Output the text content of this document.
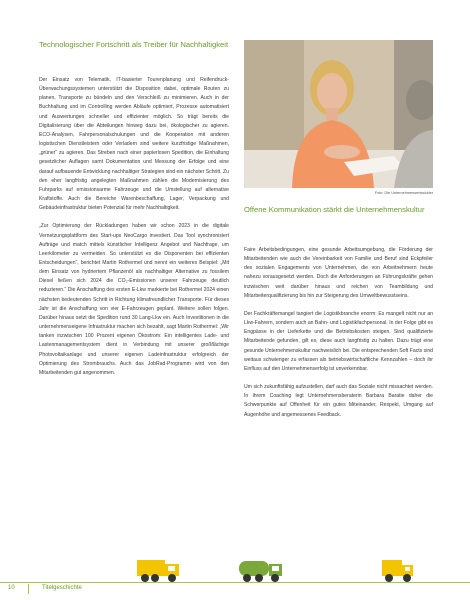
Technologischer Fortschritt als Treiber für Nachhaltigkeit

Der Einsatz von Telematik, IT-basierter Tourenplanung und Reifendruck-Überwachungssystemen unterstützt die Disposition dabei, optimale Routen zu planen, Transporte zu bündeln und den Verschleiß zu minimieren. Auch in der Buchhaltung und im Controlling werden Abläufe optimiert, Prozesse automatisiert und Auswertungen schneller und effizienter möglich. So trägt bereits die Digitalisierung über die Abteilungen hinweg dazu bei, ökologischer zu agieren. ECO-Analysen, Fahrpersonalschulungen und die Kooperation mit anderen logistischen Dienstleistern oder Verladern sind weitere kurzfristige Maßnahmen, „grüner“ zu agieren. Das Streben nach einer papierlosen Spedition, die Einhaltung gesetzlicher Auflagen samt Dokumentation und Messung der Erfolge und eine darauf aufbauende Entwicklung nachhaltiger Strategien sind ein nächster Schritt. Zu den eher langfristig angelegten Maßnahmen zählen die Modernisierung des Fuhrparks auf emissionsarme Fahrzeuge und die Umstellung auf alternative Kraftstoffe. Auch die Bereiche Warenbeschaffung, Lager, Verpackung und Gebäudeinfrastruktur bieten Potenzial für mehr Nachhaltigkeit.

„Zur Optimierung der Rückladungen haben wir schon 2023 in die digitale Vernetzungsplattform des Start-ups NeoCargo investiert. Das Tool synchronisiert Aufträge und match mittels künstlicher Intelligenz Angebot und Nachfrage, um Leerkilometer zu vermeiden. So unterstützt es die Disponenten bei effizienten Entscheidungen“, berichtet Martin Rothermel und nennt ein weiteres Beispiel: „Mit dem Einsatz von hydriertem Pflanzenöl als nachhaltiger Alternative zu fossilem Diesel ließen sich 2024 die CO₂-Emissionen unserer Fahrzeuge deutlich reduzieren.“ Die Anschaffung des ersten E-Lkw markierte bei Rothermel 2024 einen nächsten bedeutenden Schritt in Richtung klimafreundlicher Transporte. Für dieses Jahr ist die Anschaffung von vier E-Fahrzeugen geplant. Weitere sollen folgen. Darüber hinaus setzt die Spedition rund 30 Lang-Lkw ein. Auch Investitionen in die unternehmenseigene Infrastruktur machen sich bezahlt, sagt Martin Rothermel: „Wir tanken inzwischen 100 Prozent eigenen Ökostrom: Ein intelligentes Lade- und Lastenmanagementsystem dient in Verbindung mit unserer großflächige Photovoltaikanlage und unserer eigenen Ladeinfrastruktur erfolgreich der Optimierung des Strombrauchs. Auch das JobRad-Programm wird von den Mitarbeitenden gut angenommen.

Foto: Die Unternehmensentwickler
Offene Kommunikation stärkt die Unternehmenskultur

Faire Arbeitsbedingungen, eine gesunde Arbeitsumgebung, die Förderung der Mitarbeitenden wie auch die Vereinbarkeit von Familie und Beruf sind Eckpfeiler des sozialen Engagements von Unternehmen, die von Arbeitnehmern heute nahezu vorausgesetzt werden. Doch die Anforderungen an Führungskräfte gehen inzwischen weit darüber hinaus und reichen von Teambildung und Mitarbeiterqualifizierung bis hin zur Steigerung des Umweltbewusstseins.

Der Fachkräftemangel tangiert die Logistikbranche enorm: Es mangelt nicht nur an Lkw-Fahrern, sondern auch an Bahn- und Logistikfachpersonal. In der Folge gibt es Engpässe in der Lieferkette und die Betriebskosten steigen. Sind qualifizierte Mitarbeitende gefunden, gilt es, diese auch langfristig zu halten. Dazu trägt eine gesunde Unternehmenskultur nachweislich bei. Die entsprechenden Soft Facts sind weitaus schwieriger zu erfassen als betriebswirtschaftliche Kennzahlen – doch ihr Einfluss auf den Unternehmenserfolg ist unverkennbar.

Um sich zukunftsfähig aufzustellen, darf auch das Soziale nicht missachtet werden. In ihrem Coaching legt Unternehmensberaterin Barbara Baratie daher die Schwerpunkte auf Offenheit für ein gutes Miteinander, Respekt, Umgang auf Augenhöhe und angemessenes Feedback.

10	Titelgeschichte
